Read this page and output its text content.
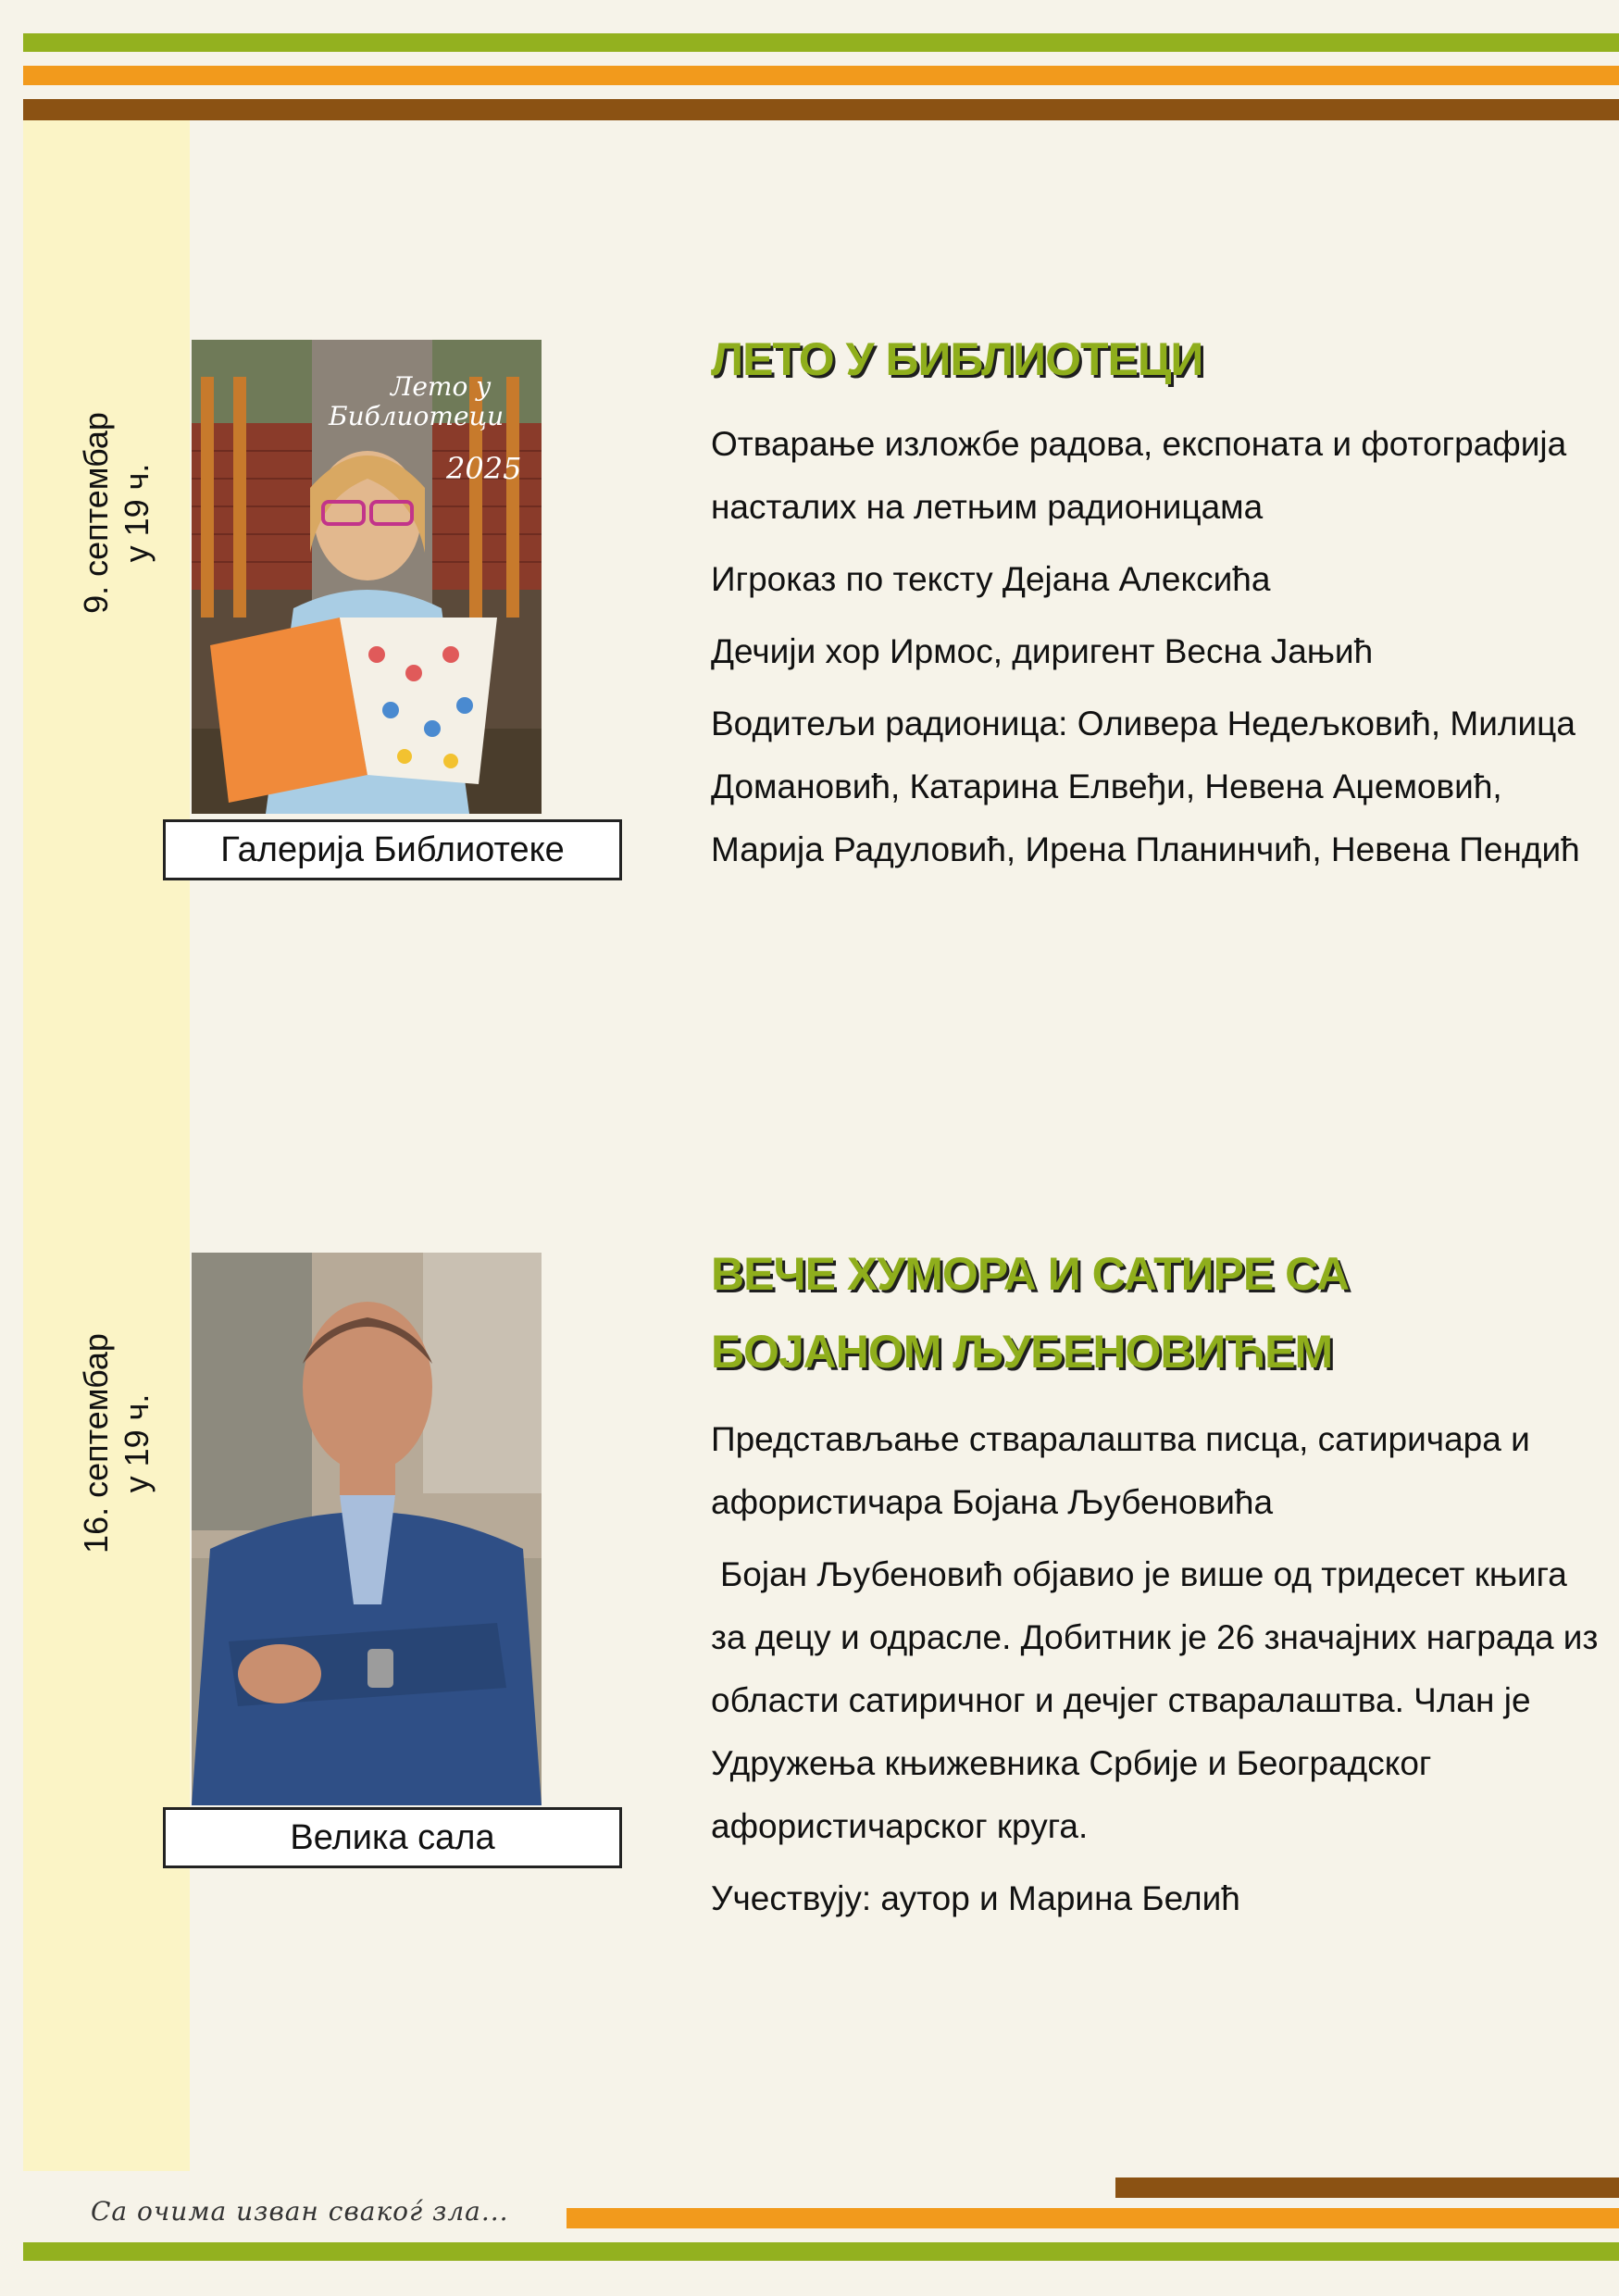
9. септембар у 19 ч.
Лето у
Библиотеци
2025
Галерија Библиотеке
ЛЕТО У БИБЛИОТЕЦИ

Отварање изложбе радова, експоната и фотографија насталих на летњим радионицама

Игроказ по тексту Дејана Алексића

Дечији хор Ирмос, диригент Весна Јањић

Водитељи радионица: Оливера Недељковић, Милица Домановић, Катарина Елвеђи, Невена Аџемовић, Марија Радуловић, Ирена Планинчић, Невена Пендић

16. септембар у 19 ч.
Велика сала
ВЕЧЕ ХУМОРА И САТИРЕ СА
БОЈАНОМ ЉУБЕНОВИЋЕМ

Представљање стваралаштва писца, сатиричара и афористичара Бојана Љубеновића

Бојан Љубеновић објавио је више од тридесет књига за децу и одрасле. Добитник је 26 значајних награда из области сатиричног и дечјег стваралаштва. Члан је Удружења књижевника Србије и Београдског афористичарског круга.

Учествују: аутор и Марина Белић

Са очима изван свакоѓ зла...
